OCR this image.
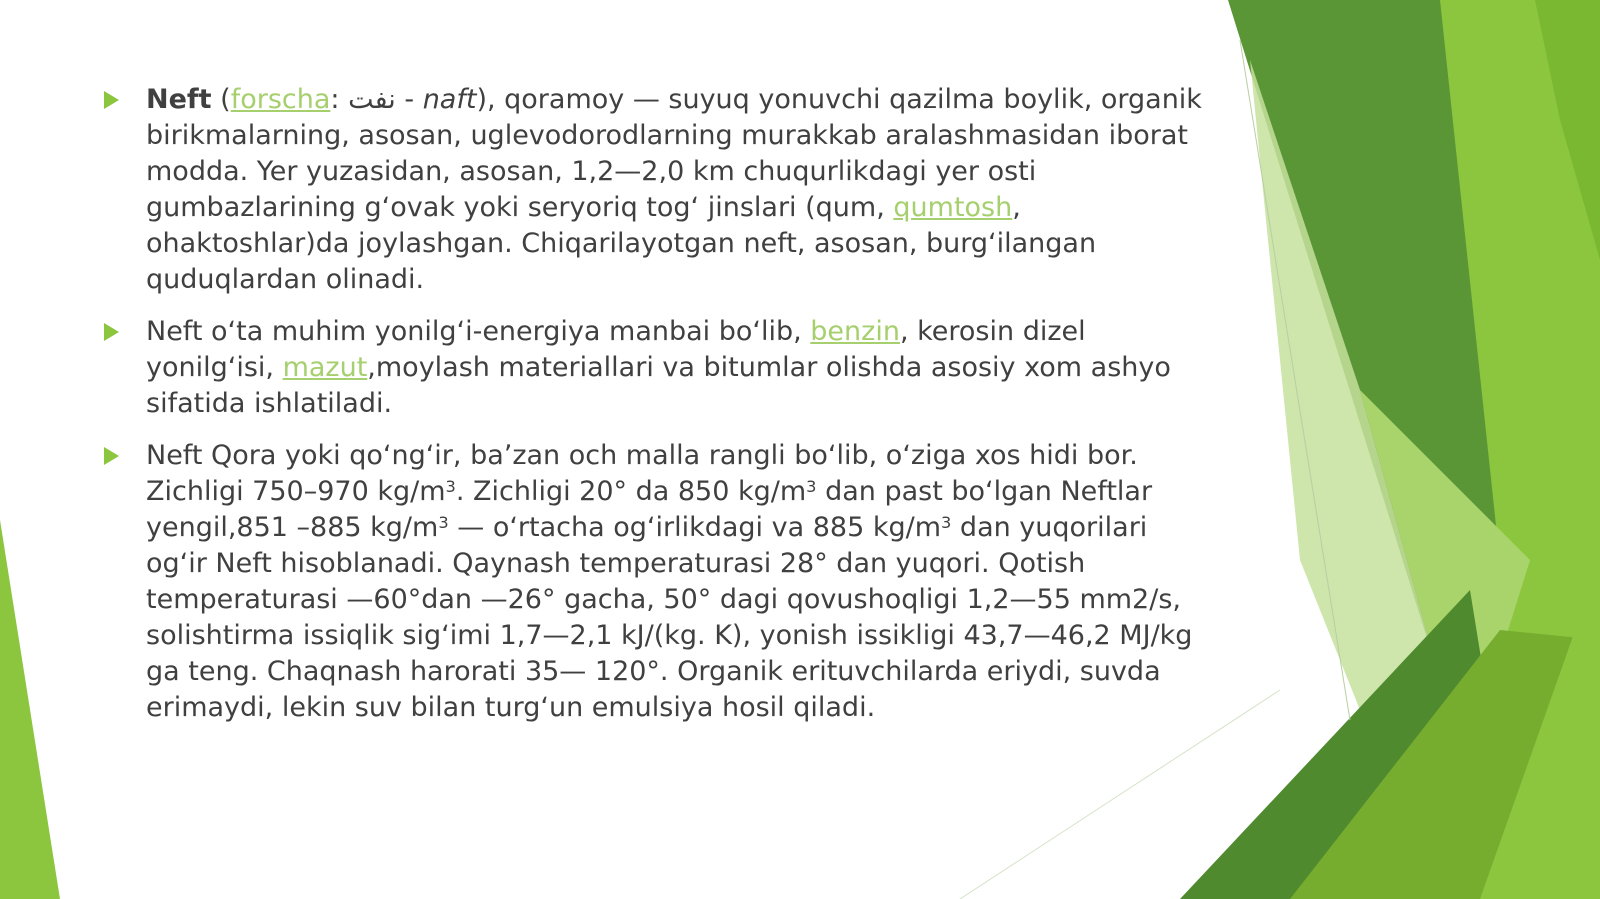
Neft (forscha: نفت - naft), qoramoy — suyuq yonuvchi qazilma boylik, organik birikmalarning, asosan, uglevodorodlarning murakkab aralashmasidan iborat modda. Yer yuzasidan, asosan, 1,2—2,0 km chuqurlikdagi yer osti gumbazlarining gʻovak yoki seryoriq togʻ jinslari (qum, qumtosh, ohaktoshlar)da joylashgan. Chiqarilayotgan neft, asosan, burgʻilangan quduqlardan olinadi.

Neft oʻta muhim yonilgʻi-energiya manbai boʻlib, benzin, kerosin dizel yonilgʻisi, mazut,moylash materiallari va bitumlar olishda asosiy xom ashyo sifatida ishlatiladi.

Neft Qora yoki qoʻngʻir, baʼzan och malla rangli boʻlib, oʻziga xos hidi bor. Zichligi 750–970 $kg/m^3$. Zichligi 20° da 850 $kg/m^3$ dan past boʻlgan Neftlar yengil,851 –885 $kg/m^3$ — oʻrtacha ogʻirlikdagi va 885 $kg/m^3$ dan yuqorilari ogʻir Neft hisoblanadi. Qaynash temperaturasi 28° dan yuqori. Qotish temperaturasi —60°dan —26° gacha, 50° dagi qovushoqligi 1,2—55 mm2/s, solishtirma issiqlik sigʻimi 1,7—2,1 kJ/(kg. K), yonish issikligi 43,7—46,2 MJ/kg ga teng. Chaqnash harorati 35— 120°. Organik erituvchilarda eriydi, suvda erimaydi, lekin suv bilan turgʻun emulsiya hosil qiladi.
